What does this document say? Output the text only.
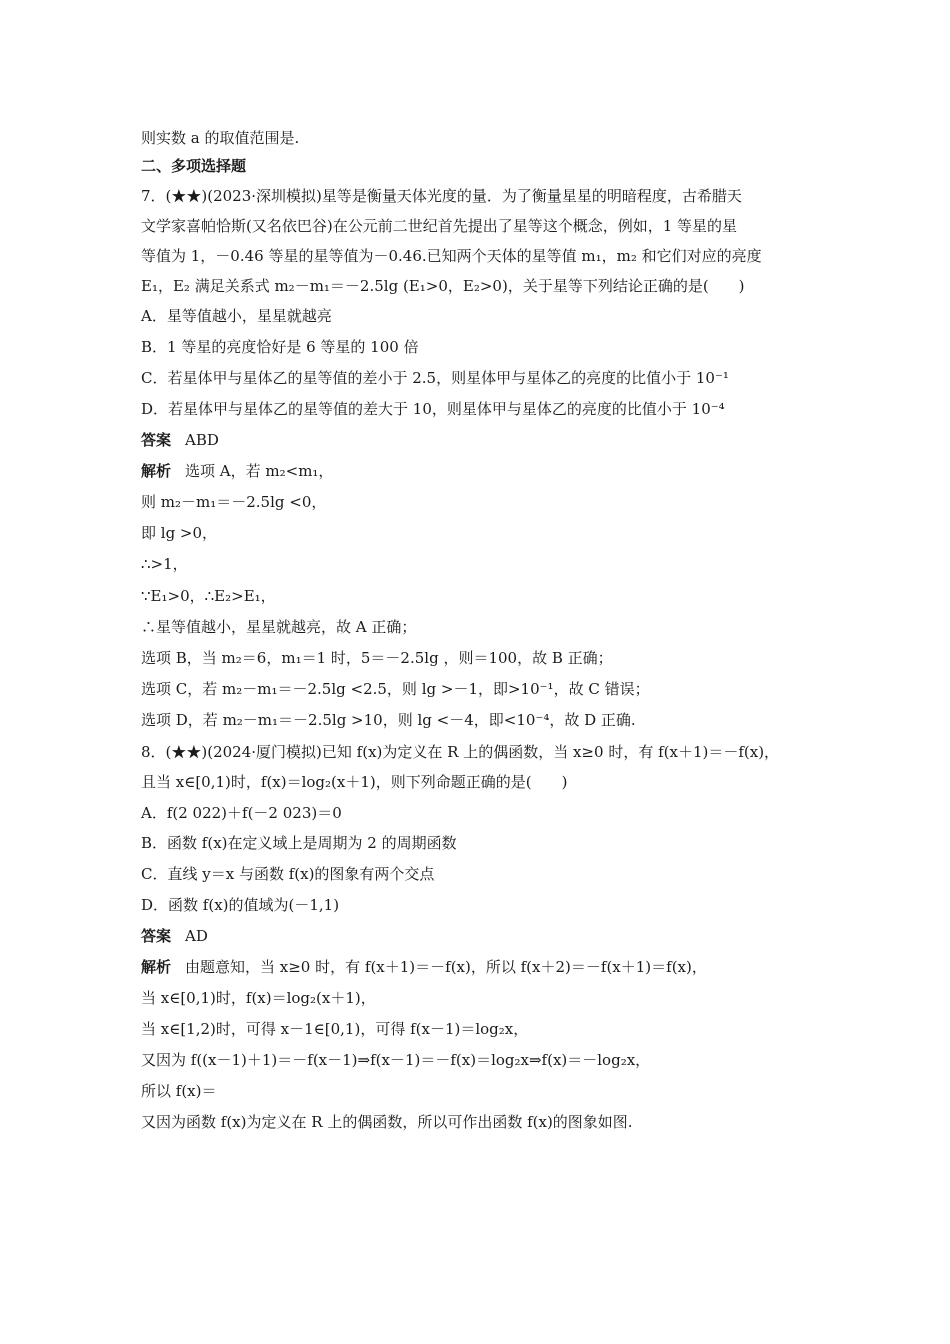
则实数 a 的取值范围是.
二、多项选择题
7．(★★)(2023·深圳模拟)星等是衡量天体光度的量．为了衡量星星的明暗程度，古希腊天
文学家喜帕恰斯(又名依巴谷)在公元前二世纪首先提出了星等这个概念，例如，1 等星的星
等值为 1，－0.46 等星的星等值为－0.46.已知两个天体的星等值 m₁，m₂ 和它们对应的亮度
E₁，E₂ 满足关系式 m₂－m₁＝－2.5lg (E₁>0，E₂>0)，关于星等下列结论正确的是(　　)
A．星等值越小，星星就越亮
B．1 等星的亮度恰好是 6 等星的 100 倍
C．若星体甲与星体乙的星等值的差小于 2.5，则星体甲与星体乙的亮度的比值小于 10⁻¹
D．若星体甲与星体乙的星等值的差大于 10，则星体甲与星体乙的亮度的比值小于 10⁻⁴
答案 ABD
解析 选项 A，若 m₂<m₁，
则 m₂－m₁＝－2.5lg <0，
即 lg >0，
∴>1，
∵E₁>0，∴E₂>E₁，
∴星等值越小，星星就越亮，故 A 正确；
选项 B，当 m₂＝6，m₁＝1 时，5＝－2.5lg ，则＝100，故 B 正确；
选项 C，若 m₂－m₁＝－2.5lg <2.5，则 lg >－1，即>10⁻¹，故 C 错误；
选项 D，若 m₂－m₁＝－2.5lg >10，则 lg <－4，即<10⁻⁴，故 D 正确.
8．(★★)(2024·厦门模拟)已知 f(x)为定义在 R 上的偶函数，当 x≥0 时，有 f(x＋1)＝－f(x)，
且当 x∈[0,1)时，f(x)＝log₂(x＋1)，则下列命题正确的是(　　)
A．f(2 022)＋f(－2 023)＝0
B．函数 f(x)在定义域上是周期为 2 的周期函数
C．直线 y＝x 与函数 f(x)的图象有两个交点
D．函数 f(x)的值域为(－1,1)
答案 AD
解析 由题意知，当 x≥0 时，有 f(x＋1)＝－f(x)，所以 f(x＋2)＝－f(x＋1)＝f(x)，
当 x∈[0,1)时，f(x)＝log₂(x＋1)，
当 x∈[1,2)时，可得 x－1∈[0,1)，可得 f(x－1)＝log₂x，
又因为 f((x－1)＋1)＝－f(x－1)⇒f(x－1)＝－f(x)＝log₂x⇒f(x)＝－log₂x，
所以 f(x)＝
又因为函数 f(x)为定义在 R 上的偶函数，所以可作出函数 f(x)的图象如图.
